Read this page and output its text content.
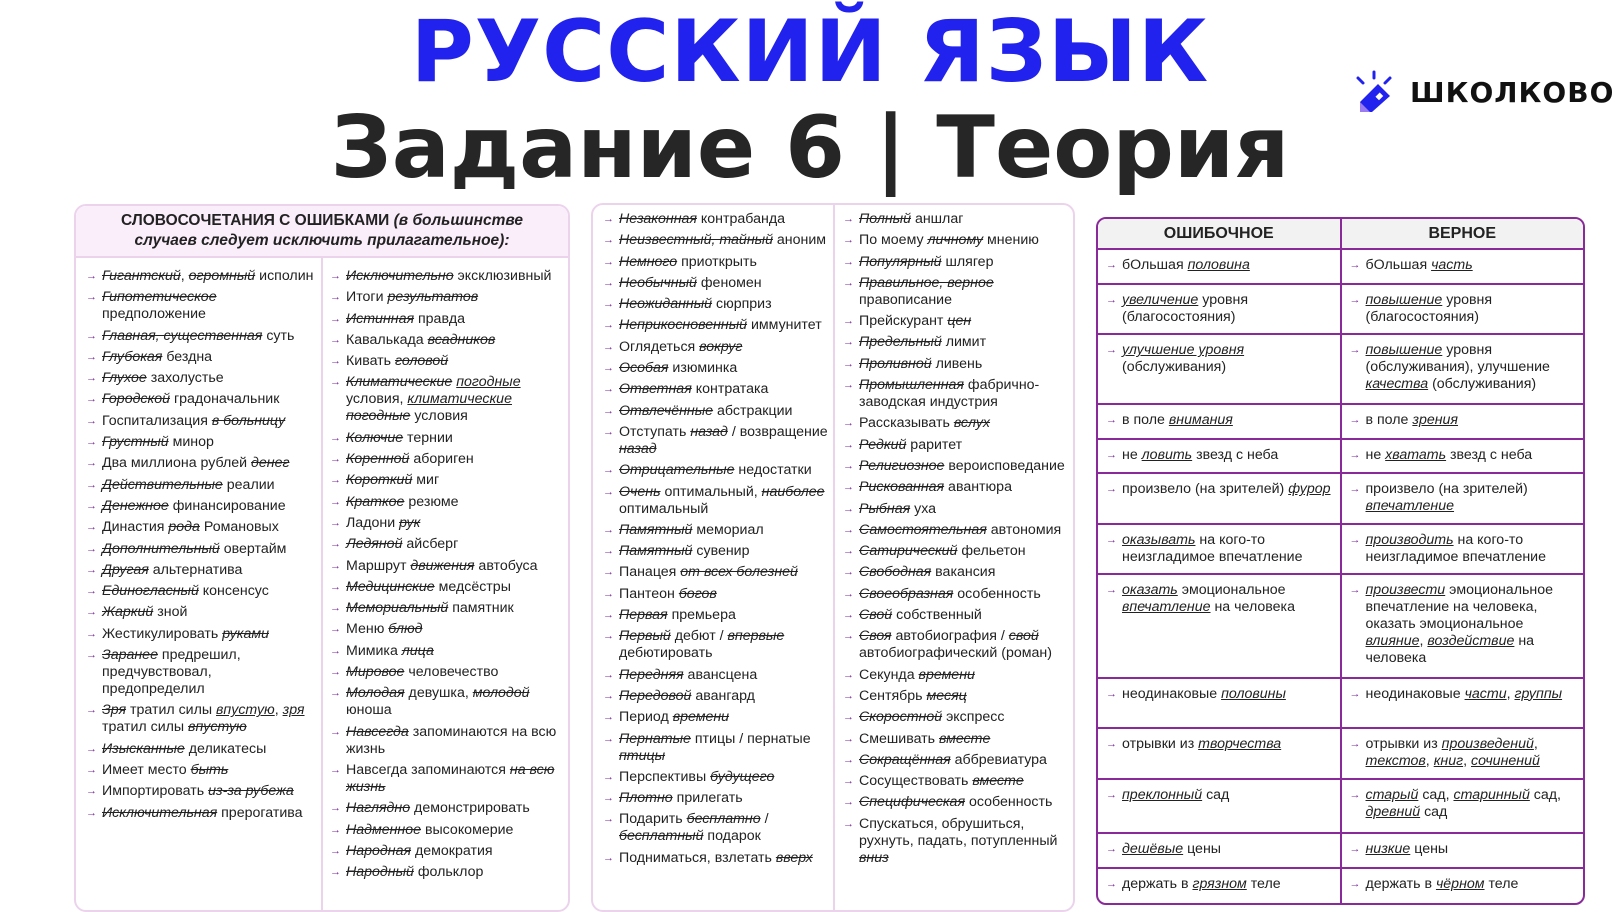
РУССКИЙ ЯЗЫК
Задание 6 | Теория
ШКОЛКОВО
СЛОВОСОЧЕТАНИЯ С ОШИБКАМИ (в большинстве
случаев следует исключить прилагательное):
→ Гигантский, огромный исполин
→ Гипотетическое предположение
→ Главная, существенная суть
→ Глубокая бездна
→ Глухое захолустье
→ Городской градоначальник
→ Госпитализация в больницу
→ Грустный минор
→ Два миллиона рублей денег
→ Действительные реалии
→ Денежное финансирование
→ Династия рода Романовых
→ Дополнительный овертайм
→ Другая альтернатива
→ Единогласный консенсус
→ Жаркий зной
→ Жестикулировать руками
→ Заранее предрешил, предчувствовал, предопределил
→ Зря тратил силы впустую, зря тратил силы впустую
→ Изысканные деликатесы
→ Имеет место быть
→ Импортировать из-за рубежа
→ Исключительная прерогатива
→ Исключительно эксклюзивный
→ Итоги результатов
→ Истинная правда
→ Кавалькада всадников
→ Кивать головой
→ Климатические погодные условия, климатические погодные условия
→ Колючие тернии
→ Коренной абориген
→ Короткий миг
→ Краткое резюме
→ Ладони рук
→ Ледяной айсберг
→ Маршрут движения автобуса
→ Медицинские медсёстры
→ Мемориальный памятник
→ Меню блюд
→ Мимика лица
→ Мировое человечество
→ Молодая девушка, молодой юноша
→ Навсегда запоминаются на всю жизнь
→ Навсегда запоминаются на всю жизнь
→ Наглядно демонстрировать
→ Надменное высокомерие
→ Народная демократия
→ Народный фольклор
→ Незаконная контрабанда
→ Неизвестный, тайный аноним
→ Немного приоткрыть
→ Необычный феномен
→ Неожиданный сюрприз
→ Неприкосновенный иммунитет
→ Оглядеться вокруг
→ Особая изюминка
→ Ответная контратака
→ Отвлечённые абстракции
→ Отступать назад / возвращение назад
→ Отрицательные недостатки
→ Очень оптимальный, наиболее оптимальный
→ Памятный мемориал
→ Памятный сувенир
→ Панацея от всех болезней
→ Пантеон богов
→ Первая премьера
→ Первый дебют / впервые дебютировать
→ Передняя авансцена
→ Передовой авангард
→ Период времени
→ Пернатые птицы / пернатые птицы
→ Перспективы будущего
→ Плотно прилегать
→ Подарить бесплатно / бесплатный подарок
→ Подниматься, взлетать вверх
→ Полный аншлаг
→ По моему личному мнению
→ Популярный шлягер
→ Правильное, верное правописание
→ Прейскурант цен
→ Предельный лимит
→ Проливной ливень
→ Промышленная фабрично-заводская индустрия
→ Рассказывать вслух
→ Редкий раритет
→ Религиозное вероисповедание
→ Рискованная авантюра
→ Рыбная уха
→ Самостоятельная автономия
→ Сатирический фельетон
→ Свободная вакансия
→ Своеобразная особенность
→ Свой собственный
→ Своя автобиография / свой автобиографический (роман)
→ Секунда времени
→ Сентябрь месяц
→ Скоростной экспресс
→ Смешивать вместе
→ Сокращённая аббревиатура
→ Сосуществовать вместе
→ Специфическая особенность
→ Спускаться, обрушиться, рухнуть, падать, потупленный вниз
ОШИБОЧНОЕ	ВЕРНОЕ

→ бОльшая половина	→ бОльшая часть

→ увеличение уровня (благосостояния)	→ повышение уровня (благосостояния)

→ улучшение уровня (обслуживания)	→ повышение уровня (обслуживания), улучшение качества (обслуживания)

→ в поле внимания	→ в поле зрения

→ не ловить звезд с неба	→ не хватать звезд с неба

→ произвело (на зрителей) фурор	→ произвело (на зрителей) впечатление

→ оказывать на кого-то неизгладимое впечатление	→ производить на кого-то неизгладимое впечатление

→ оказать эмоциональное впечатление на человека	→ произвести эмоциональное впечатление на человека, оказать эмоциональное влияние, воздействие на человека

→ неодинаковые половины	→ неодинаковые части, группы

→ отрывки из творчества	→ отрывки из произведений, текстов, книг, сочинений

→ преклонный сад	→ старый сад, старинный сад, древний сад

→ дешёвые цены	→ низкие цены

→ держать в грязном теле	→ держать в чёрном теле
